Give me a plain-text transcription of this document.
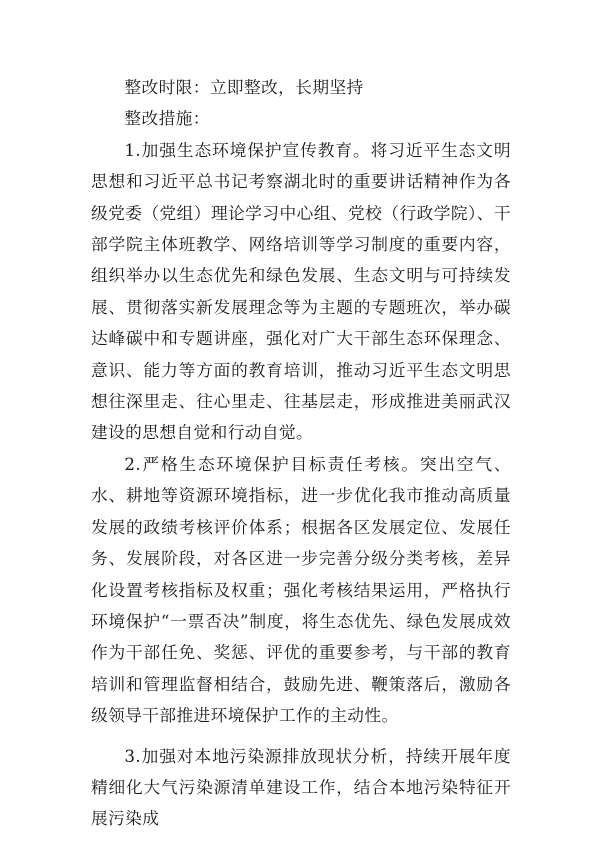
整改时限：立即整改，长期坚持

整改措施：

1.加强生态环境保护宣传教育。将习近平生态文明思想和习近平总书记考察湖北时的重要讲话精神作为各级党委（党组）理论学习中心组、党校（行政学院）、干部学院主体班教学、网络培训等学习制度的重要内容，组织举办以生态优先和绿色发展、生态文明与可持续发展、贯彻落实新发展理念等为主题的专题班次，举办碳达峰碳中和专题讲座，强化对广大干部生态环保理念、意识、能力等方面的教育培训，推动习近平生态文明思想往深里走、往心里走、往基层走，形成推进美丽武汉建设的思想自觉和行动自觉。

2.严格生态环境保护目标责任考核。突出空气、水、耕地等资源环境指标，进一步优化我市推动高质量发展的政绩考核评价体系；根据各区发展定位、发展任务、发展阶段，对各区进一步完善分级分类考核，差异化设置考核指标及权重；强化考核结果运用，严格执行环境保护“一票否决”制度，将生态优先、绿色发展成效作为干部任免、奖惩、评优的重要参考，与干部的教育培训和管理监督相结合，鼓励先进、鞭策落后，激励各级领导干部推进环境保护工作的主动性。

3.加强对本地污染源排放现状分析，持续开展年度精细化大气污染源清单建设工作，结合本地污染特征开展污染成
